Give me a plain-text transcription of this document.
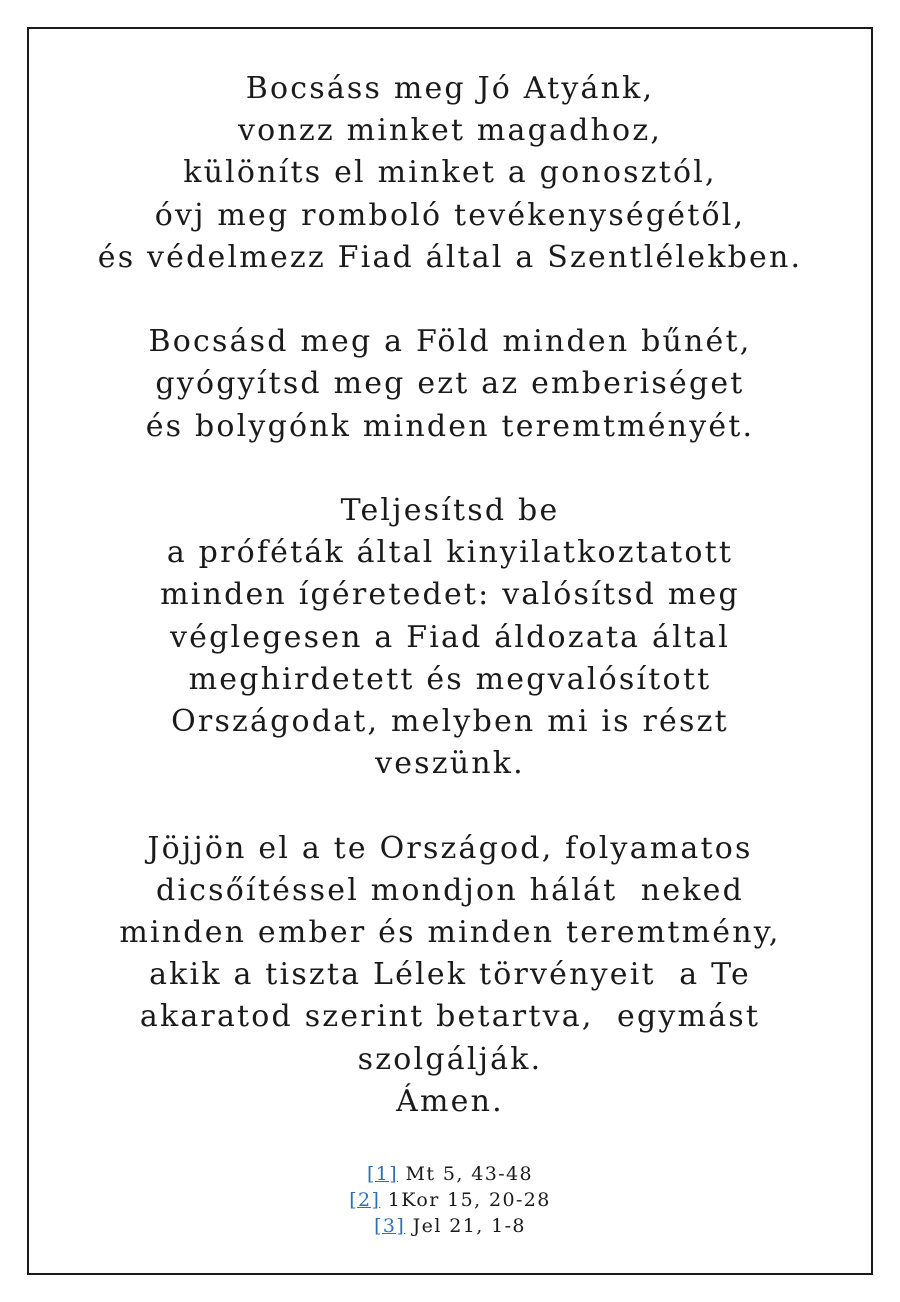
Bocsáss meg Jó Atyánk,
vonzz minket magadhoz,
különíts el minket a gonosztól,
óvj meg romboló tevékenységétől,
és védelmezz Fiad által a Szentlélekben.

Bocsásd meg a Föld minden bűnét,
gyógyítsd meg ezt az emberiséget
és bolygónk minden teremtményét.

Teljesítsd be
a próféták által kinyilatkoztatott
minden ígéretedet: valósítsd meg
véglegesen a Fiad áldozata által
meghirdetett és megvalósított
Országodat, melyben mi is részt
veszünk.

Jöjjön el a te Országod, folyamatos
dicsőítéssel mondjon hálát  neked
minden ember és minden teremtmény,
akik a tiszta Lélek törvényeit  a Te
akaratod szerint betartva,  egymást
szolgálják.
Ámen.

[1] Mt 5, 43-48
[2] 1Kor 15, 20-28
[3] Jel 21, 1-8
